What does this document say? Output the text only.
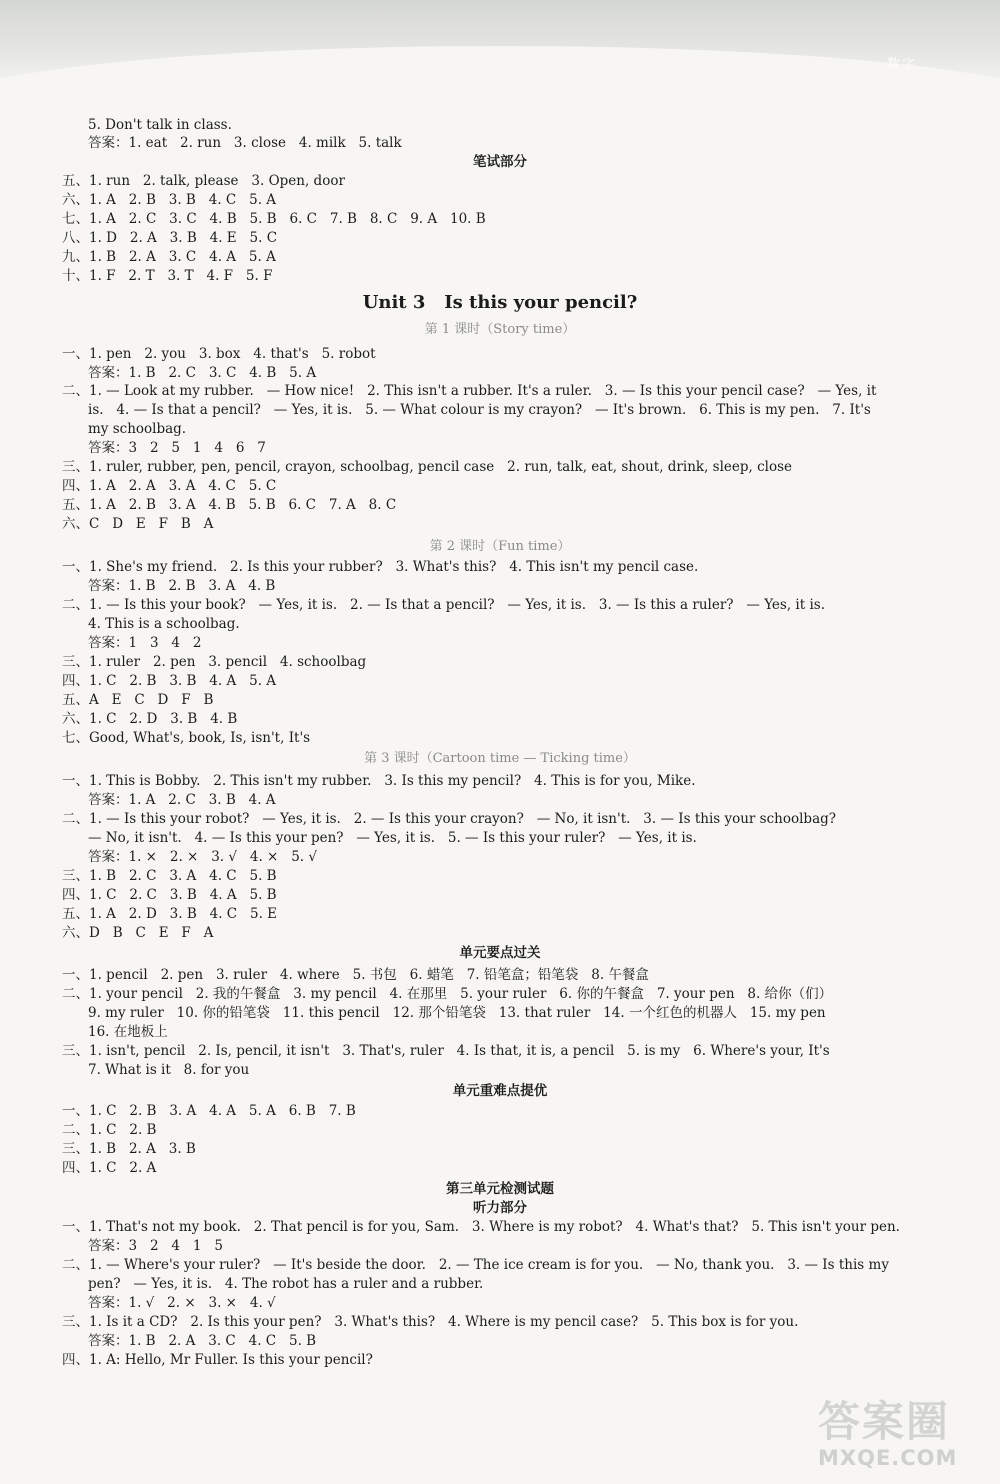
数字
5. Don't talk in class.
答案：1. eat   2. run   3. close   4. milk   5. talk
笔试部分
五、1. run   2. talk, please   3. Open, door
六、1. A   2. B   3. B   4. C   5. A
七、1. A   2. C   3. C   4. B   5. B   6. C   7. B   8. C   9. A   10. B
八、1. D   2. A   3. B   4. E   5. C
九、1. B   2. A   3. C   4. A   5. A
十、1. F   2. T   3. T   4. F   5. F
Unit 3   Is this your pencil?
第 1 课时（Story time）
一、1. pen   2. you   3. box   4. that's   5. robot
答案：1. B   2. C   3. C   4. B   5. A
二、1. — Look at my rubber.   — How nice!   2. This isn't a rubber. It's a ruler.   3. — Is this your pencil case?   — Yes, it
is.   4. — Is that a pencil?   — Yes, it is.   5. — What colour is my crayon?   — It's brown.   6. This is my pen.   7. It's
my schoolbag.
答案：3   2   5   1   4   6   7
三、1. ruler, rubber, pen, pencil, crayon, schoolbag, pencil case   2. run, talk, eat, shout, drink, sleep, close
四、1. A   2. A   3. A   4. C   5. C
五、1. A   2. B   3. A   4. B   5. B   6. C   7. A   8. C
六、C   D   E   F   B   A
第 2 课时（Fun time）
一、1. She's my friend.   2. Is this your rubber?   3. What's this?   4. This isn't my pencil case.
答案：1. B   2. B   3. A   4. B
二、1. — Is this your book?   — Yes, it is.   2. — Is that a pencil?   — Yes, it is.   3. — Is this a ruler?   — Yes, it is.
4. This is a schoolbag.
答案：1   3   4   2
三、1. ruler   2. pen   3. pencil   4. schoolbag
四、1. C   2. B   3. B   4. A   5. A
五、A   E   C   D   F   B
六、1. C   2. D   3. B   4. B
七、Good, What's, book, Is, isn't, It's
第 3 课时（Cartoon time — Ticking time）
一、1. This is Bobby.   2. This isn't my rubber.   3. Is this my pencil?   4. This is for you, Mike.
答案：1. A   2. C   3. B   4. A
二、1. — Is this your robot?   — Yes, it is.   2. — Is this your crayon?   — No, it isn't.   3. — Is this your schoolbag?
— No, it isn't.   4. — Is this your pen?   — Yes, it is.   5. — Is this your ruler?   — Yes, it is.
答案：1. ×   2. ×   3. √   4. ×   5. √
三、1. B   2. C   3. A   4. C   5. B
四、1. C   2. C   3. B   4. A   5. B
五、1. A   2. D   3. B   4. C   5. E
六、D   B   C   E   F   A
单元要点过关
一、1. pencil   2. pen   3. ruler   4. where   5. 书包   6. 蜡笔   7. 铅笔盒；铅笔袋   8. 午餐盒
二、1. your pencil   2. 我的午餐盒   3. my pencil   4. 在那里   5. your ruler   6. 你的午餐盒   7. your pen   8. 给你（们）
9. my ruler   10. 你的铅笔袋   11. this pencil   12. 那个铅笔袋   13. that ruler   14. 一个红色的机器人   15. my pen
16. 在地板上
三、1. isn't, pencil   2. Is, pencil, it isn't   3. That's, ruler   4. Is that, it is, a pencil   5. is my   6. Where's your, It's
7. What is it   8. for you
单元重难点提优
一、1. C   2. B   3. A   4. A   5. A   6. B   7. B
二、1. C   2. B
三、1. B   2. A   3. B
四、1. C   2. A
第三单元检测试题
听力部分
一、1. That's not my book.   2. That pencil is for you, Sam.   3. Where is my robot?   4. What's that?   5. This isn't your pen.
答案：3   2   4   1   5
二、1. — Where's your ruler?   — It's beside the door.   2. — The ice cream is for you.   — No, thank you.   3. — Is this my
pen?   — Yes, it is.   4. The robot has a ruler and a rubber.
答案：1. √   2. ×   3. ×   4. √
三、1. Is it a CD?   2. Is this your pen?   3. What's this?   4. Where is my pencil case?   5. This box is for you.
答案：1. B   2. A   3. C   4. C   5. B
四、1. A: Hello, Mr Fuller. Is this your pencil?
答案圈
MXQE.COM
